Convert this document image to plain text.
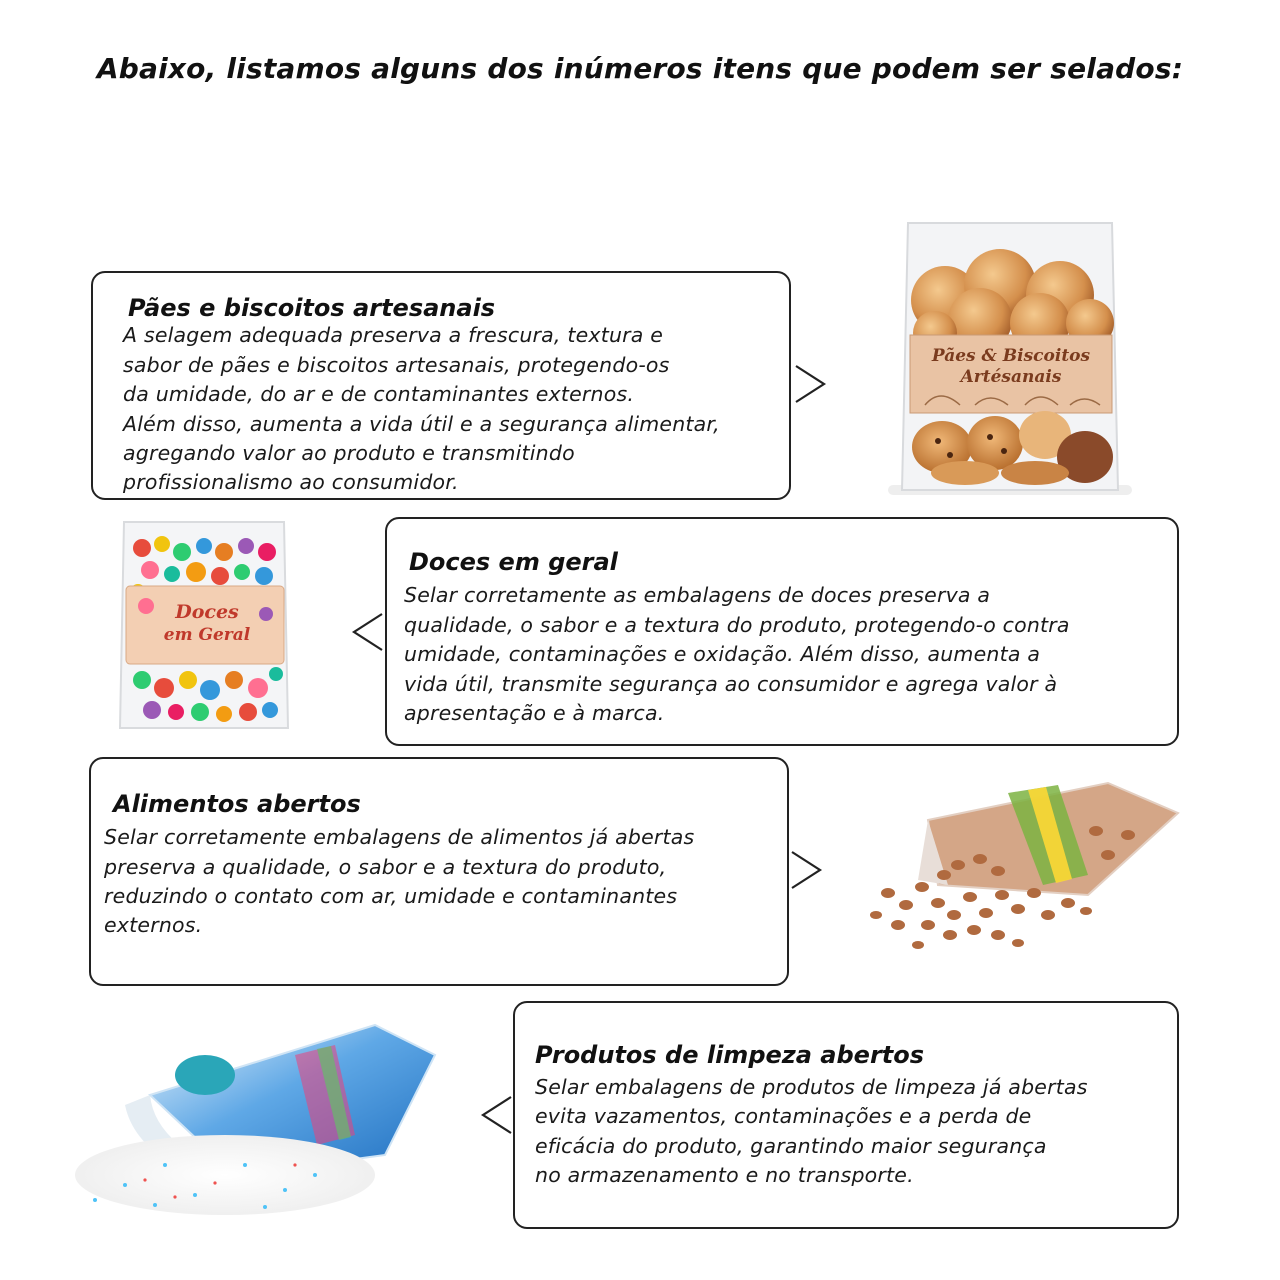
Abaixo, listamos alguns dos inúmeros itens que podem ser selados:
Pães e biscoitos artesanais

A selagem adequada preserva a frescura, textura e

sabor de pães e biscoitos artesanais, protegendo-os

da umidade, do ar e de contaminantes externos.

Além disso, aumenta a vida útil e a segurança alimentar,

agregando valor ao produto e transmitindo

profissionalismo ao consumidor.

Pães & Biscoitos
Artésanais
Doces em geral

Selar corretamente as embalagens de doces preserva a

qualidade, o sabor e a textura do produto, protegendo-o contra

umidade, contaminações e oxidação. Além disso, aumenta a

vida útil, transmite segurança ao consumidor e agrega valor à

apresentação e à marca.

Doces
em Geral
Alimentos abertos

Selar corretamente embalagens de alimentos já abertas

preserva a qualidade, o sabor e a textura do produto,

reduzindo o contato com ar, umidade e contaminantes

externos.

Produtos de limpeza abertos

Selar embalagens de produtos de limpeza já abertas

evita vazamentos, contaminações e a perda de

eficácia do produto, garantindo maior segurança

no armazenamento e no transporte.
